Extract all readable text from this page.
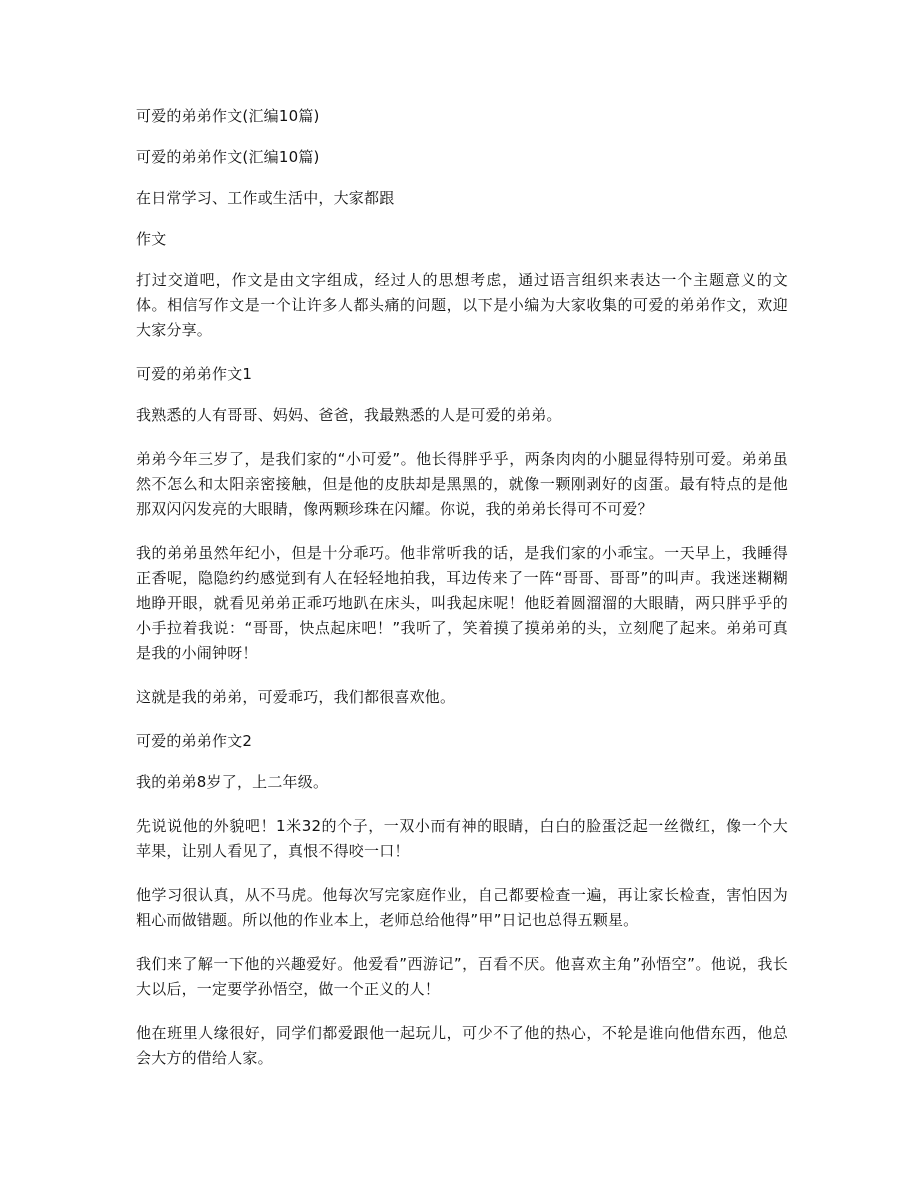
可爱的弟弟作文(汇编10篇)

可爱的弟弟作文(汇编10篇)

在日常学习、工作或生活中，大家都跟

作文

打过交道吧，作文是由文字组成，经过人的思想考虑，通过语言组织来表达一个主题意义的文体。相信写作文是一个让许多人都头痛的问题，以下是小编为大家收集的可爱的弟弟作文，欢迎大家分享。

可爱的弟弟作文1

我熟悉的人有哥哥、妈妈、爸爸，我最熟悉的人是可爱的弟弟。

弟弟今年三岁了，是我们家的“小可爱”。他长得胖乎乎，两条肉肉的小腿显得特别可爱。弟弟虽然不怎么和太阳亲密接触，但是他的皮肤却是黑黑的，就像一颗刚剥好的卤蛋。最有特点的是他那双闪闪发亮的大眼睛，像两颗珍珠在闪耀。你说，我的弟弟长得可不可爱？

我的弟弟虽然年纪小，但是十分乖巧。他非常听我的话，是我们家的小乖宝。一天早上，我睡得正香呢，隐隐约约感觉到有人在轻轻地拍我，耳边传来了一阵“哥哥、哥哥”的叫声。我迷迷糊糊地睁开眼，就看见弟弟正乖巧地趴在床头，叫我起床呢！他眨着圆溜溜的大眼睛，两只胖乎乎的小手拉着我说：“哥哥，快点起床吧！”我听了，笑着摸了摸弟弟的头，立刻爬了起来。弟弟可真是我的小闹钟呀！

这就是我的弟弟，可爱乖巧，我们都很喜欢他。

可爱的弟弟作文2

我的弟弟8岁了，上二年级。

先说说他的外貌吧！1米32的个子，一双小而有神的眼睛，白白的脸蛋泛起一丝微红，像一个大苹果，让别人看见了，真恨不得咬一口！

他学习很认真，从不马虎。他每次写完家庭作业，自己都要检查一遍，再让家长检查，害怕因为粗心而做错题。所以他的作业本上，老师总给他得”甲”日记也总得五颗星。

我们来了解一下他的兴趣爱好。他爱看”西游记”，百看不厌。他喜欢主角”孙悟空”。他说，我长大以后，一定要学孙悟空，做一个正义的人！

他在班里人缘很好，同学们都爱跟他一起玩儿，可少不了他的热心，不轮是谁向他借东西，他总会大方的借给人家。
